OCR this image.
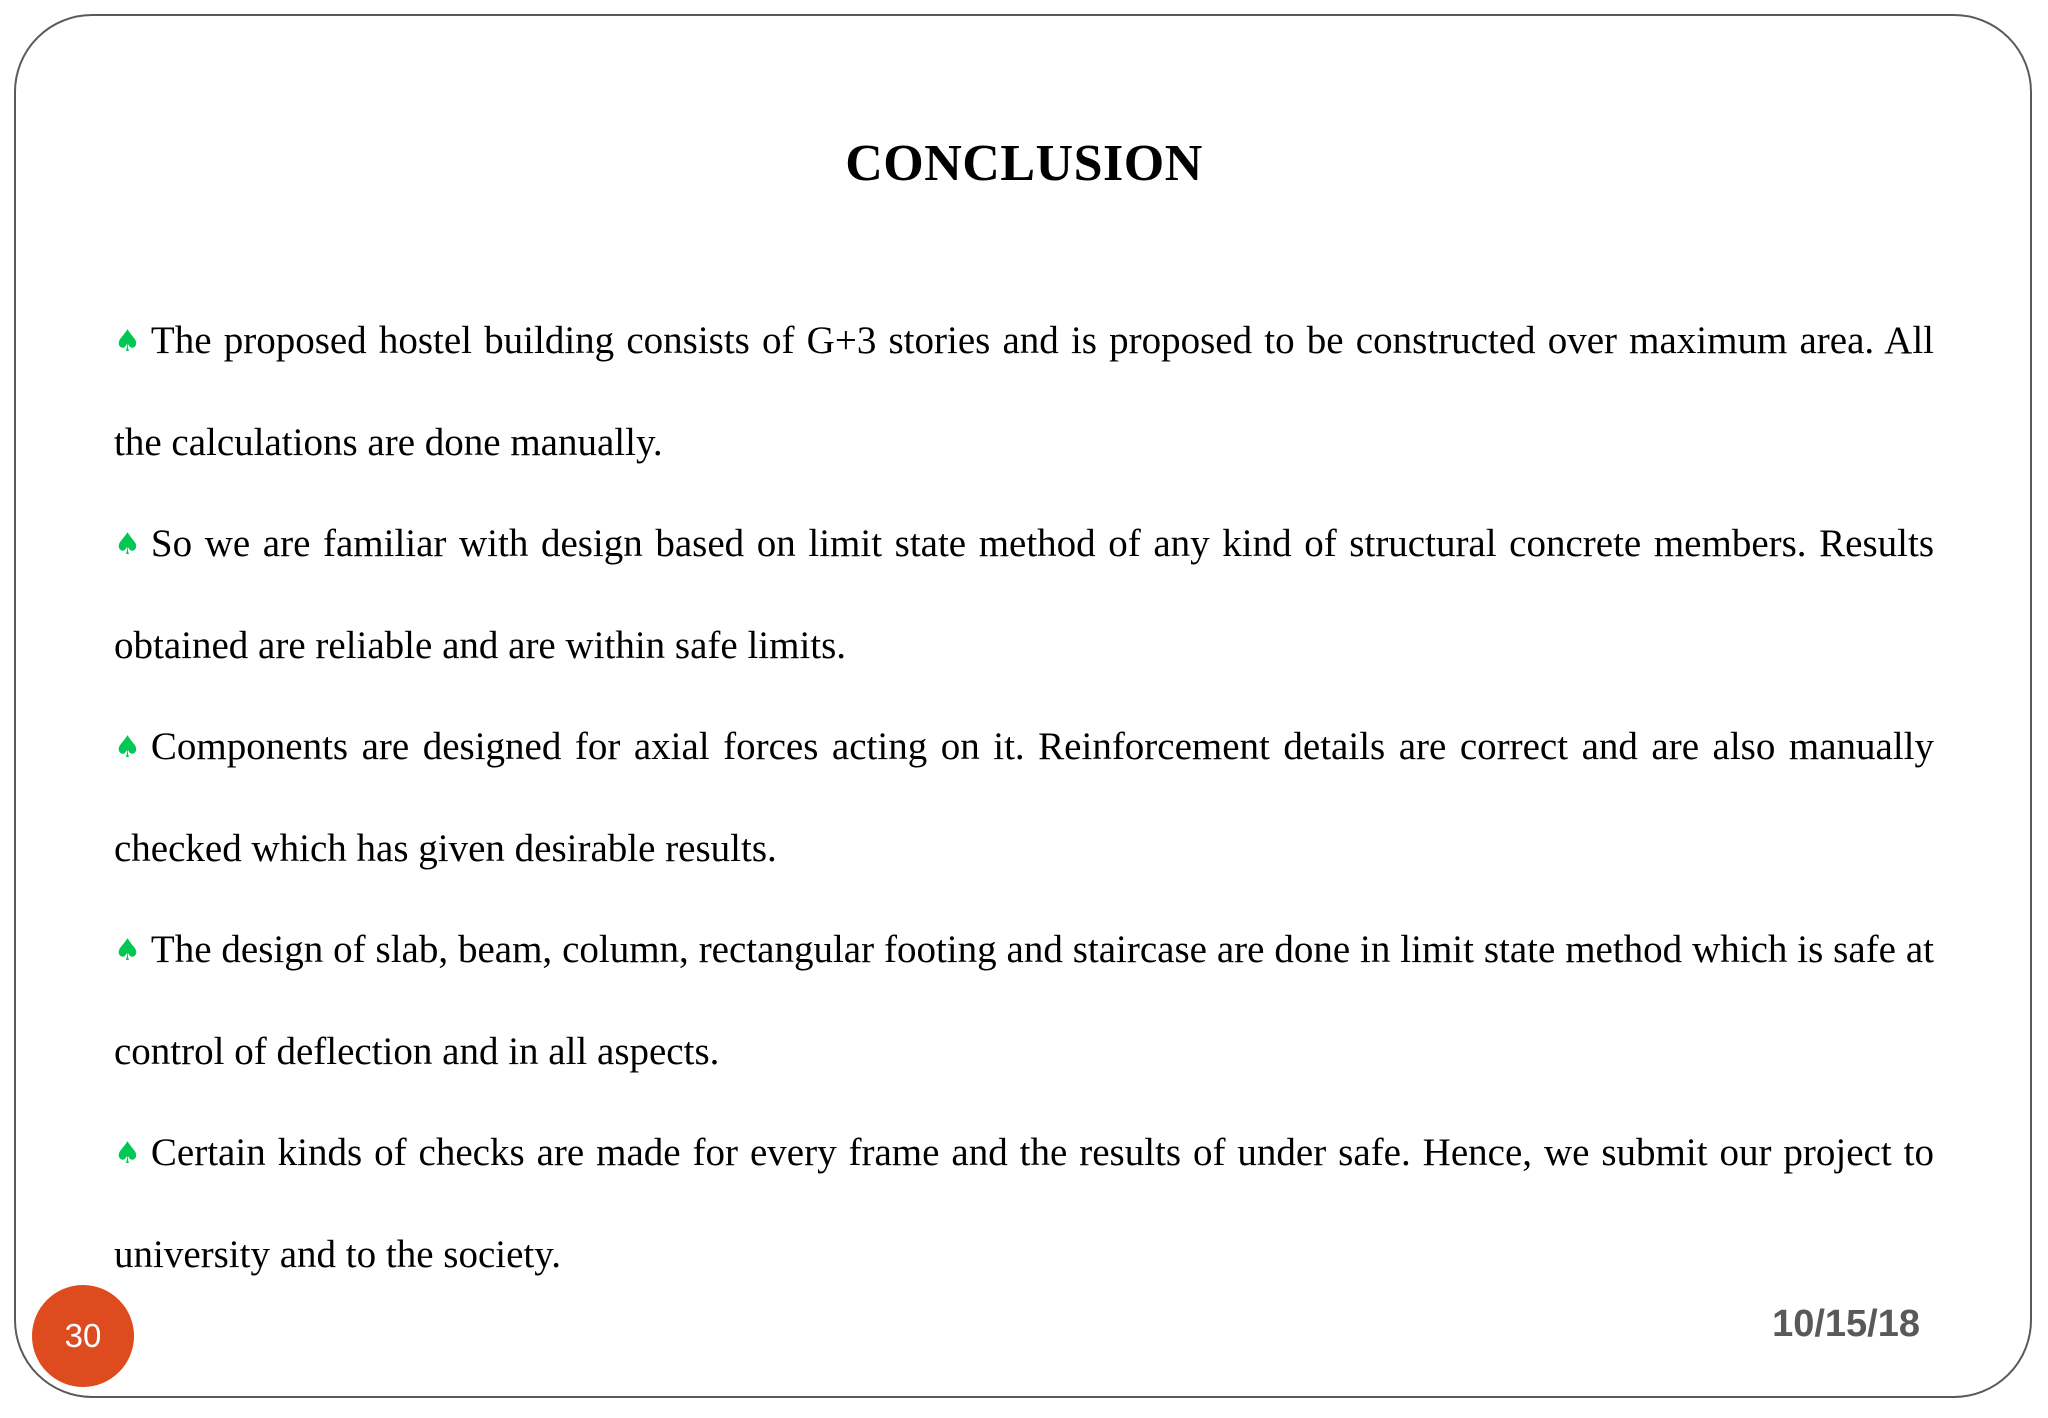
CONCLUSION

♠ The proposed hostel building consists of G+3 stories and is proposed to be constructed over maximum area. All the calculations are done manually.

♠ So we are familiar with design based on limit state method of any kind of structural concrete members. Results obtained are reliable and are within safe limits.

♠ Components are designed for axial forces acting on it. Reinforcement details are correct and are also manually checked which has given desirable results.

♠ The design of slab, beam, column, rectangular footing and staircase are done in limit state method which is safe at control of deflection and in all aspects.

♠ Certain kinds of checks are made for every frame and the results of under safe. Hence, we submit our project to university and to the society.

30	10/15/18
